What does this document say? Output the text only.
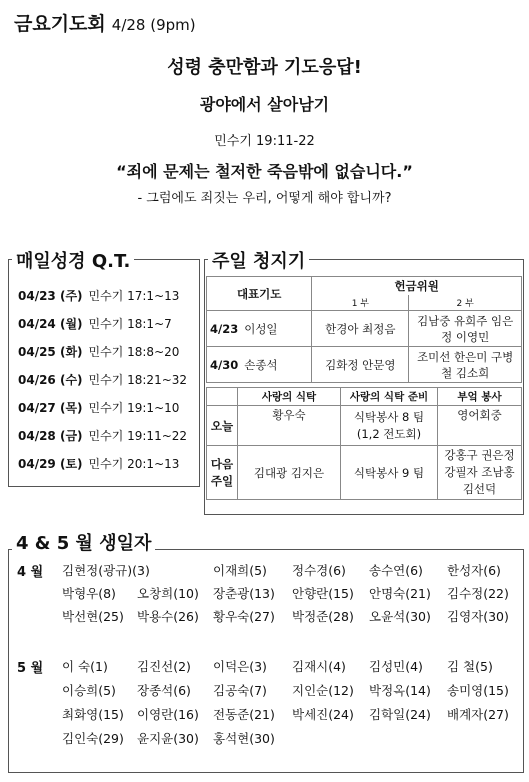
금요기도회 4/28 (9pm)
성령 충만함과 기도응답!
광야에서 살아남기
민수기 19:11-22
“죄에 문제는 철저한 죽음밖에 없습니다.”
- 그럼에도 죄짓는 우리, 어떻게 해야 합니까?
매일성경 Q.T.
04/23 (주) 민수기 17:1~13
04/24 (월) 민수기 18:1~7
04/25 (화) 민수기 18:8~20
04/26 (수) 민수기 18:21~32
04/27 (목) 민수기 19:1~10
04/28 (금) 민수기 19:11~22
04/29 (토) 민수기 20:1~13
주일 청지기
대표기도		헌금위원	
		1 부	2 부
4/23	이성일	한경아 최정음	김남중 유희주 임은정 이영민
4/30	손종석	김화정 안문영	조미선 한은미 구병철 김소희
	사랑의 식탁	사랑의 식탁 준비	부엌 봉사
오늘	황우숙	식탁봉사 8 팀 (1,2 전도회)	영어회중
다음 주일	김대광 김지은	식탁봉사 9 팀	강홍구 권은정 강필자 조남홍 김선덕
4 & 5 월 생일자
4 월
5 월
김현정(광규)(3)	이재희(5) 정수경(6) 송수연(6) 한성자(6)
박형우(8) 오창희(10) 장춘광(13) 안향란(15) 안명숙(21) 김수정(22)
박선현(25) 박용수(26) 황우숙(27) 박정준(28) 오윤석(30) 김영자(30)
이 숙(1) 김진선(2) 이덕은(3) 김재시(4) 김성민(4) 김 철(5)
이승희(5) 장종석(6) 김공숙(7) 지인순(12) 박정옥(14) 송미영(15)
최화영(15) 이영란(16) 전동준(21) 박세진(24) 김학일(24) 배계자(27)
김인숙(29) 윤지윤(30) 홍석현(30)
